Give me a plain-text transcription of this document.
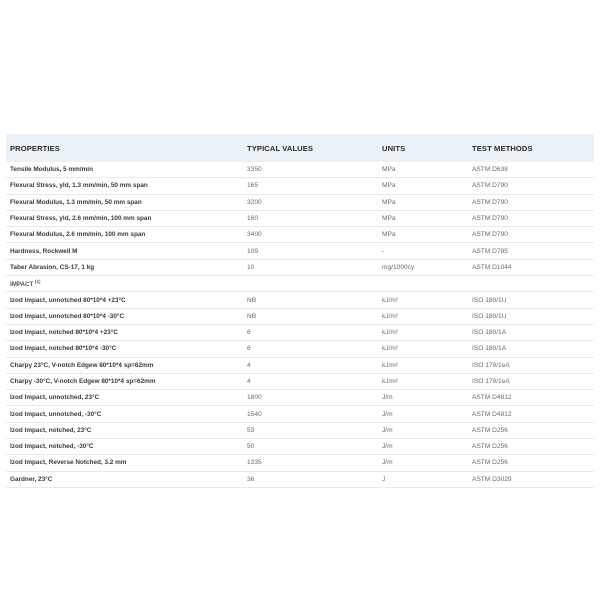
PROPERTIES	TYPICAL VALUES	UNITS	TEST METHODS
Tensile Modulus, 5 mm/min	3350	MPa	ASTM D638
Flexural Stress, yld, 1.3 mm/min, 50 mm span	165	MPa	ASTM D790
Flexural Modulus, 1.3 mm/min, 50 mm span	3200	MPa	ASTM D790
Flexural Stress, yld, 2.6 mm/min, 100 mm span	160	MPa	ASTM D790
Flexural Modulus, 2.6 mm/min, 100 mm span	3400	MPa	ASTM D790
Hardness, Rockwell M	109	-	ASTM D785
Taber Abrasion, CS-17, 1 kg	10	mg/1000cy	ASTM D1044
IMPACT $^{(1)}$			
Izod Impact, unnotched 80*10*4 +23°C	NB	kJ/m²	ISO 180/1U
Izod Impact, unnotched 80*10*4 -30°C	NB	kJ/m²	ISO 180/1U
Izod Impact, notched 80*10*4 +23°C	6	kJ/m²	ISO 180/1A
Izod Impact, notched 80*10*4 -30°C	6	kJ/m²	ISO 180/1A
Charpy 23°C, V-notch Edgew 80*10*4 sp=62mm	4	kJ/m²	ISO 179/1eA
Charpy -30°C, V-notch Edgew 80*10*4 sp=62mm	4	kJ/m²	ISO 179/1eA
Izod Impact, unnotched, 23°C	1800	J/m	ASTM D4812
Izod Impact, unnotched, -30°C	1540	J/m	ASTM D4812
Izod Impact, notched, 23°C	53	J/m	ASTM D256
Izod Impact, notched, -30°C	50	J/m	ASTM D256
Izod Impact, Reverse Notched, 3.2 mm	1335	J/m	ASTM D256
Gardner, 23°C	36	J	ASTM D3029
